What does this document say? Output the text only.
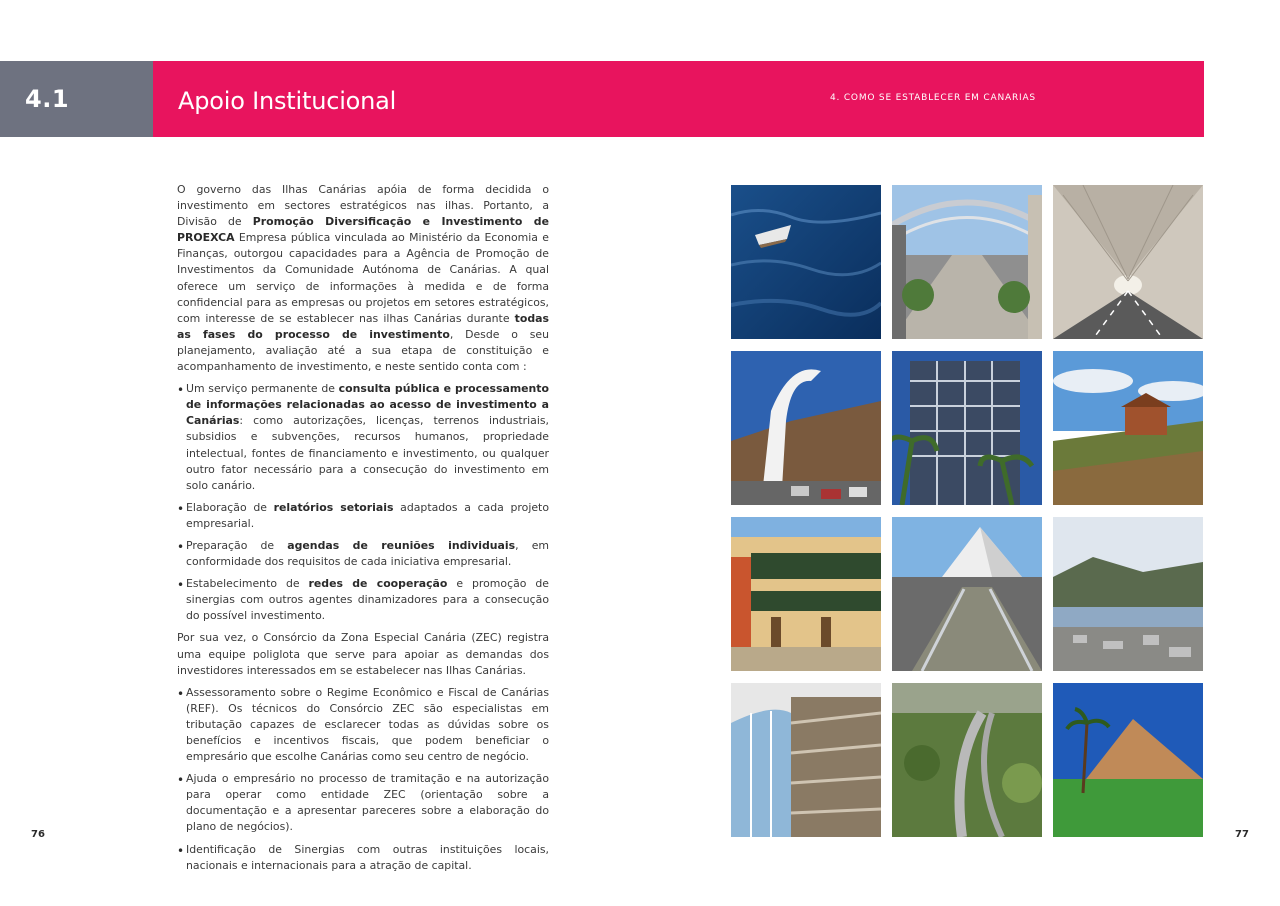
4.1	Apoio Institucional	4. COMO SE ESTABLECER EM CANARIAS

O governo das Ilhas Canárias apóia de forma decidida o investimento em sectores estratégicos nas ilhas. Portanto, a Divisão de Promoção Diversificação e Investimento de PROEXCA Empresa pública vinculada ao Ministério da Economia e Finanças, outorgou capacidades para a Agência de Promoção de Investimentos da Comunidade Autónoma de Canárias. A qual oferece um serviço de informações à medida e de forma confidencial para as empresas ou projetos em setores estratégicos, com interesse de se establecer nas ilhas Canárias durante todas as fases do processo de investimento, Desde o seu planejamento, avaliação até a sua etapa de constituição e acompanhamento de investimento, e neste sentido conta com :

• Um serviço permanente de consulta pública e processamento de informações relacionadas ao acesso de investimento a Canárias: como autorizações, licenças, terrenos industriais, subsidios e subvenções, recursos humanos, propriedade intelectual, fontes de financiamento e investimento, ou qualquer outro fator necessário para a consecução do investimento em solo canário.
• Elaboração de relatórios setoriais adaptados a cada projeto empresarial.
• Preparação de agendas de reuniões individuais, em conformidade dos requisitos de cada iniciativa empresarial.
• Estabelecimento de redes de cooperação e promoção de sinergias com outros agentes dinamizadores para a consecução do possível investimento.

Por sua vez, o Consórcio da Zona Especial Canária (ZEC) registra uma equipe poliglota que serve para apoiar as demandas dos investidores interessados em se estabelecer nas Ilhas Canárias.

• Assessoramento sobre o Regime Econômico e Fiscal de Canárias (REF). Os técnicos do Consórcio ZEC são especialistas em tributação capazes de esclarecer todas as dúvidas sobre os benefícios e incentivos fiscais, que podem beneficiar o empresário que escolhe Canárias como seu centro de negócio.
• Ajuda o empresário no processo de tramitação e na autorização para operar como entidade ZEC (orientação sobre a documentação e a apresentar pareceres sobre a elaboração do plano de negócios).
• Identificação de Sinergias com outras instituições locais, nacionais e internacionais para a atração de capital.
76	77
